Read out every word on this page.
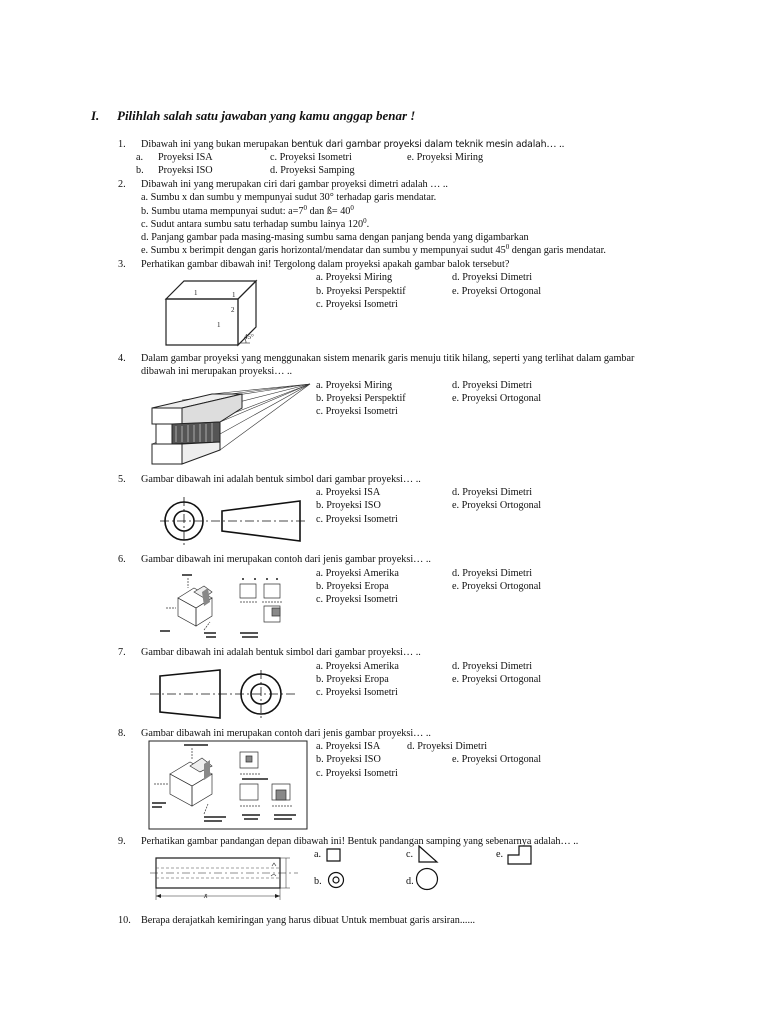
I. Pilihlah salah satu jawaban yang kamu anggap benar !
1. Dibawah ini yang bukan merupakan bentuk dari gambar proyeksi dalam teknik mesin adalah… ..
a. Proyeksi ISA	c. Proyeksi Isometri	e. Proyeksi Miring
b. Proyeksi ISO	d. Proyeksi Samping
2. Dibawah ini yang merupakan ciri dari gambar proyeksi dimetri adalah … ..
a. Sumbu x dan sumbu y mempunyai sudut 30° terhadap garis mendatar.
b. Sumbu utama mempunyai sudut: $a=7^0$ dan ß= $40^0$
c. Sudut antara sumbu satu terhadap sumbu lainya $120^0$.
d. Panjang gambar pada masing-masing sumbu sama dengan panjang benda yang digambarkan
e. Sumbu x berimpit dengan garis horizontal/mendatar dan sumbu y mempunyai sudut $45^0$ dengan garis mendatar.
3. Perhatikan gambar dibawah ini! Tergolong dalam proyeksi apakah gambar balok tersebut?
a. Proyeksi Miring	d. Proyeksi Dimetri
b. Proyeksi Perspektif	e. Proyeksi Ortogonal
c. Proyeksi Isometri
1	1
2
1
45°
4. Dalam gambar proyeksi yang menggunakan sistem menarik garis menuju titik hilang, seperti yang terlihat dalam gambar
dibawah ini merupakan proyeksi… ..
a. Proyeksi Miring	d. Proyeksi Dimetri
b. Proyeksi Perspektif	e. Proyeksi Ortogonal
c. Proyeksi Isometri
5. Gambar dibawah ini adalah bentuk simbol dari gambar proyeksi… ..
a. Proyeksi ISA	d. Proyeksi Dimetri
b. Proyeksi ISO	e. Proyeksi Ortogonal
c. Proyeksi Isometri
6. Gambar dibawah ini merupakan contoh dari jenis gambar proyeksi… ..
a. Proyeksi Amerika	d. Proyeksi Dimetri
b. Proyeksi Eropa	e. Proyeksi Ortogonal
c. Proyeksi Isometri
7. Gambar dibawah ini adalah bentuk simbol dari gambar proyeksi… ..
a. Proyeksi Amerika	d. Proyeksi Dimetri
b. Proyeksi Eropa	e. Proyeksi Ortogonal
c. Proyeksi Isometri
8. Gambar dibawah ini merupakan contoh dari jenis gambar proyeksi… ..
a. Proyeksi ISA	d. Proyeksi Dimetri
b. Proyeksi ISO	e. Proyeksi Ortogonal
c. Proyeksi Isometri
9. Perhatikan gambar pandangan depan dibawah ini! Bentuk pandangan samping yang sebenarnya adalah… ..
a.	c.	e.
b.	d.
10. Berapa derajatkah kemiringan yang harus dibuat Untuk membuat garis arsiran......
